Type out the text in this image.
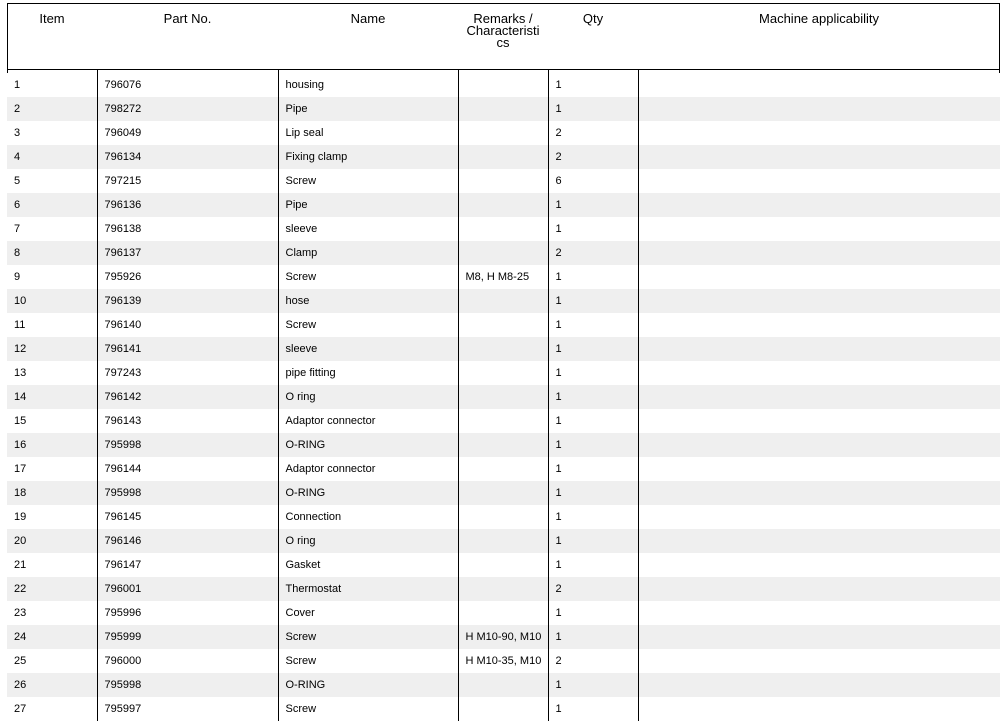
Item	Part No.	Name	Remarks / Characteristi cs	Qty	Machine applicability

1	796076	housing		1	
2	798272	Pipe		1	
3	796049	Lip seal		2	
4	796134	Fixing clamp		2	
5	797215	Screw		6	
6	796136	Pipe		1	
7	796138	sleeve		1	
8	796137	Clamp		2	
9	795926	Screw	M8, H M8-25	1	
10	796139	hose		1	
11	796140	Screw		1	
12	796141	sleeve		1	
13	797243	pipe fitting		1	
14	796142	O ring		1	
15	796143	Adaptor connector		1	
16	795998	O-RING		1	
17	796144	Adaptor connector		1	
18	795998	O-RING		1	
19	796145	Connection		1	
20	796146	O ring		1	
21	796147	Gasket		1	
22	796001	Thermostat		2	
23	795996	Cover		1	
24	795999	Screw	H M10-90, M10	1	
25	796000	Screw	H M10-35, M10	2	
26	795998	O-RING		1	
27	795997	Screw		1	
